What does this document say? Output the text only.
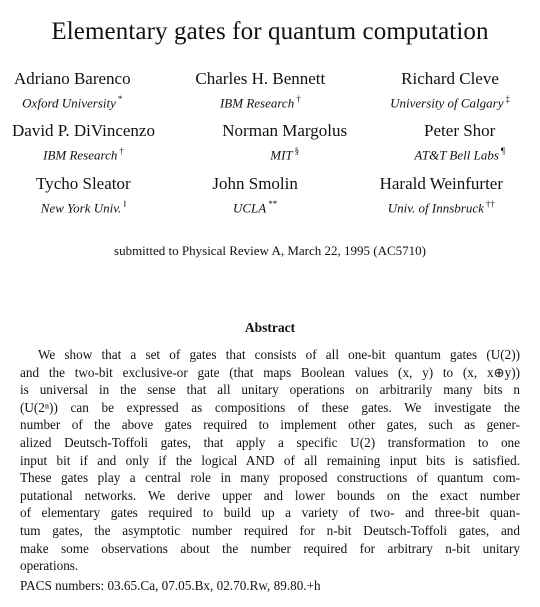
Elementary gates for quantum computation
Adriano Barenco
Oxford University *
Charles H. Bennett
IBM Research †
Richard Cleve
University of Calgary ‡
David P. DiVincenzo
IBM Research †
Norman Margolus
MIT §
Peter Shor
AT&T Bell Labs ¶
Tycho Sleator
New York Univ. ‖
John Smolin
UCLA **
Harald Weinfurter
Univ. of Innsbruck ††
submitted to Physical Review A, March 22, 1995 (AC5710)
Abstract
We show that a set of gates that consists of all one-bit quantum gates (U(2))
and the two-bit exclusive-or gate (that maps Boolean values (x, y) to (x, x⊕y))
is universal in the sense that all unitary operations on arbitrarily many bits n
(U(2ⁿ)) can be expressed as compositions of these gates. We investigate the
number of the above gates required to implement other gates, such as gener-
alized Deutsch-Toffoli gates, that apply a specific U(2) transformation to one
input bit if and only if the logical AND of all remaining input bits is satisfied.
These gates play a central role in many proposed constructions of quantum com-
putational networks. We derive upper and lower bounds on the exact number
of elementary gates required to build up a variety of two- and three-bit quan-
tum gates, the asymptotic number required for n-bit Deutsch-Toffoli gates, and
make some observations about the number required for arbitrary n-bit unitary
operations.
PACS numbers: 03.65.Ca, 07.05.Bx, 02.70.Rw, 89.80.+h
